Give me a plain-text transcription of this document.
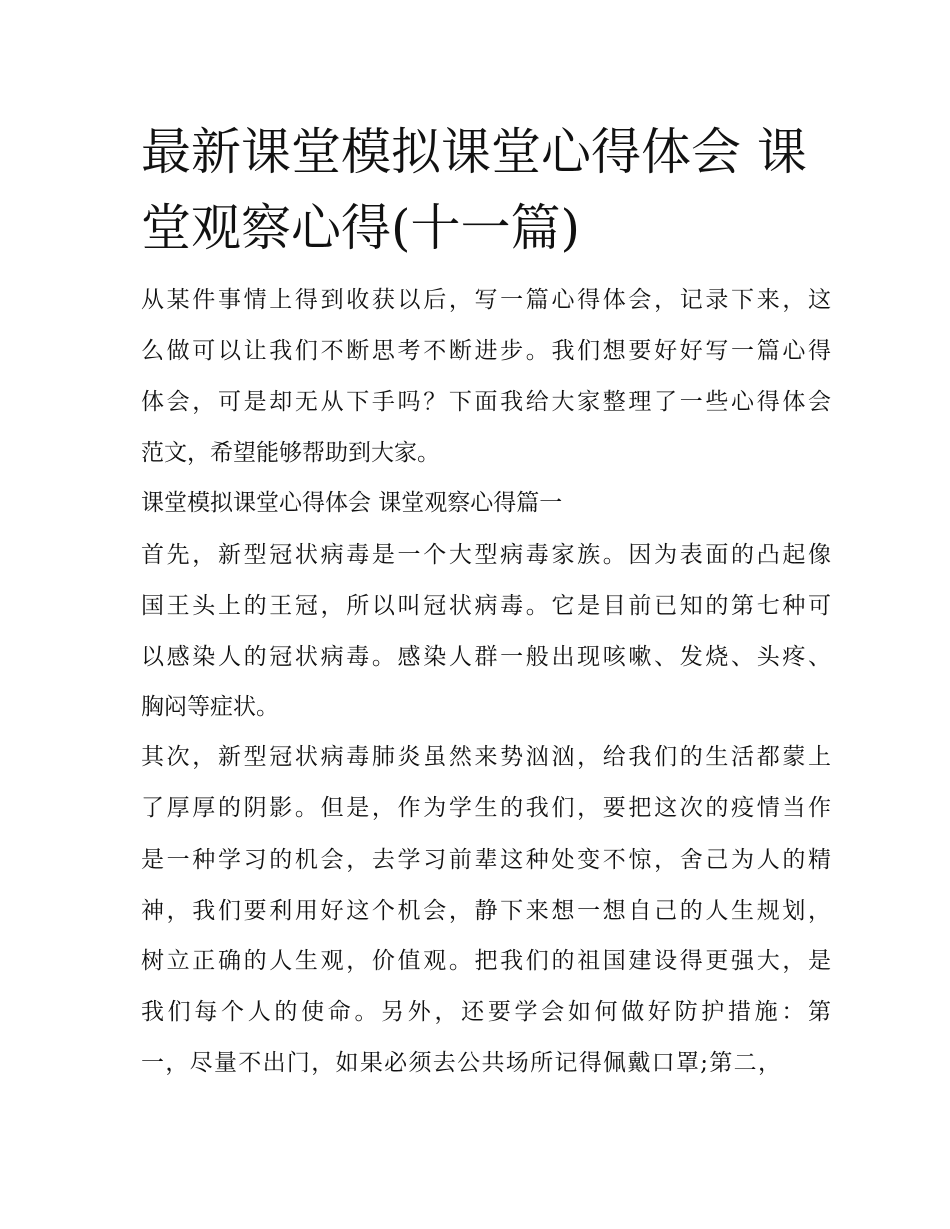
最新课堂模拟课堂心得体会 课
堂观察心得(十一篇)
从某件事情上得到收获以后，写一篇心得体会，记录下来，这
么做可以让我们不断思考不断进步。我们想要好好写一篇心得
体会，可是却无从下手吗？下面我给大家整理了一些心得体会
范文，希望能够帮助到大家。
课堂模拟课堂心得体会 课堂观察心得篇一
首先，新型冠状病毒是一个大型病毒家族。因为表面的凸起像
国王头上的王冠，所以叫冠状病毒。它是目前已知的第七种可
以感染人的冠状病毒。感染人群一般出现咳嗽、发烧、头疼、
胸闷等症状。
其次，新型冠状病毒肺炎虽然来势汹汹，给我们的生活都蒙上
了厚厚的阴影。但是，作为学生的我们，要把这次的疫情当作
是一种学习的机会，去学习前辈这种处变不惊，舍己为人的精
神，我们要利用好这个机会，静下来想一想自己的人生规划，
树立正确的人生观，价值观。把我们的祖国建设得更强大，是
我们每个人的使命。另外，还要学会如何做好防护措施：第
一，尽量不出门，如果必须去公共场所记得佩戴口罩;第二，
